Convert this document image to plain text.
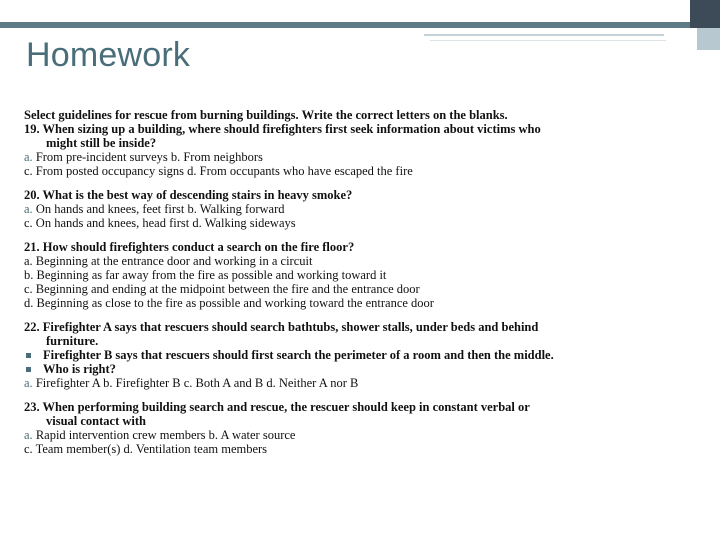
Homework
Select guidelines for rescue from burning buildings. Write the correct letters on the blanks.
19. When sizing up a building, where should firefighters first seek information about victims who
might still be inside?
a. From pre-incident surveys b. From neighbors
c. From posted occupancy signs d. From occupants who have escaped the fire
20. What is the best way of descending stairs in heavy smoke?
a. On hands and knees, feet first b. Walking forward
c. On hands and knees, head first d. Walking sideways
21. How should firefighters conduct a search on the fire floor?
a. Beginning at the entrance door and working in a circuit
b. Beginning as far away from the fire as possible and working toward it
c. Beginning and ending at the midpoint between the fire and the entrance door
d. Beginning as close to the fire as possible and working toward the entrance door
22. Firefighter A says that rescuers should search bathtubs, shower stalls, under beds and behind
furniture.
Firefighter B says that rescuers should first search the perimeter of a room and then the middle.
Who is right?
a. Firefighter A b. Firefighter B c. Both A and B d. Neither A nor B
23. When performing building search and rescue, the rescuer should keep in constant verbal or
visual contact with
a. Rapid intervention crew members b. A water source
c. Team member(s) d. Ventilation team members
